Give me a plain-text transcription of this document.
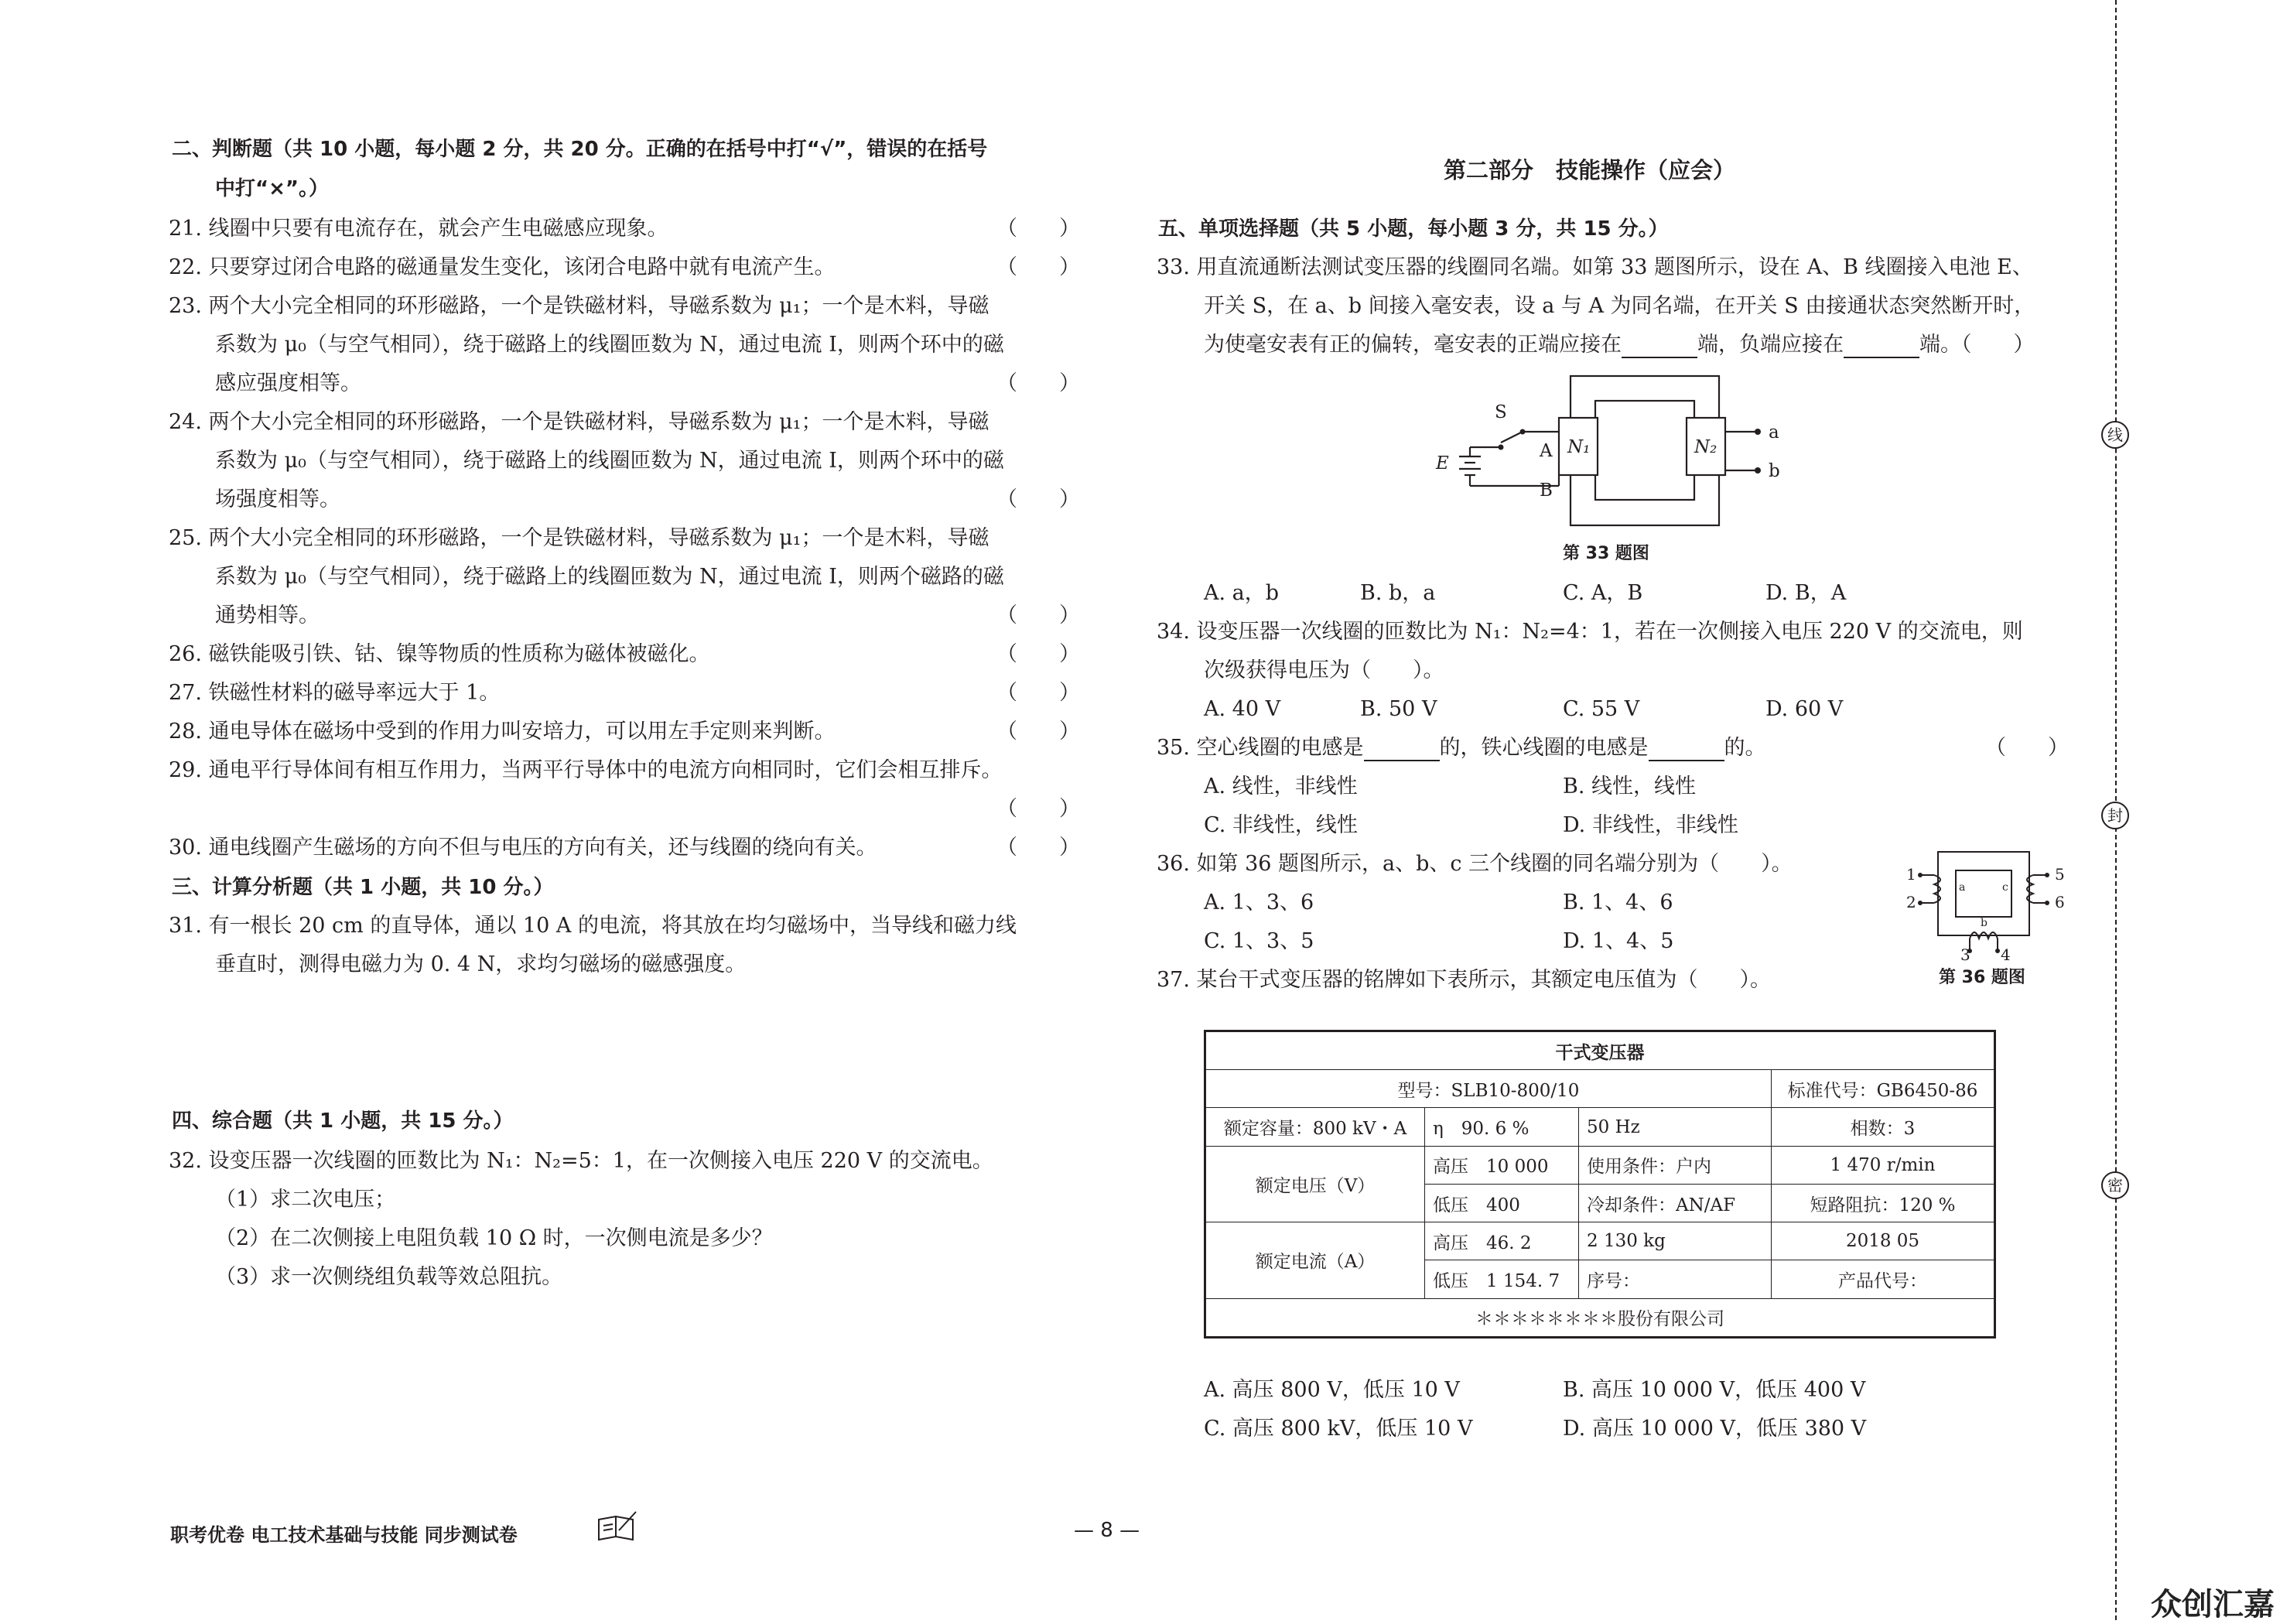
二、判断题（共 10 小题，每小题 2 分，共 20 分。正确的在括号中打“√”，错误的在括号
中打“×”。）
21. 线圈中只要有电流存在，就会产生电磁感应现象。	（　　）
22. 只要穿过闭合电路的磁通量发生变化，该闭合电路中就有电流产生。	（　　）
23. 两个大小完全相同的环形磁路，一个是铁磁材料，导磁系数为 μ₁；一个是木料，导磁
系数为 μ₀（与空气相同），绕于磁路上的线圈匝数为 N，通过电流 I，则两个环中的磁
感应强度相等。	（　　）
24. 两个大小完全相同的环形磁路，一个是铁磁材料，导磁系数为 μ₁；一个是木料，导磁
系数为 μ₀（与空气相同），绕于磁路上的线圈匝数为 N，通过电流 I，则两个环中的磁
场强度相等。	（　　）
25. 两个大小完全相同的环形磁路，一个是铁磁材料，导磁系数为 μ₁；一个是木料，导磁
系数为 μ₀（与空气相同），绕于磁路上的线圈匝数为 N，通过电流 I，则两个磁路的磁
通势相等。	（　　）
26. 磁铁能吸引铁、钴、镍等物质的性质称为磁体被磁化。	（　　）
27. 铁磁性材料的磁导率远大于 1。	（　　）
28. 通电导体在磁场中受到的作用力叫安培力，可以用左手定则来判断。	（　　）
29. 通电平行导体间有相互作用力，当两平行导体中的电流方向相同时，它们会相互排斥。
（　　）
30. 通电线圈产生磁场的方向不但与电压的方向有关，还与线圈的绕向有关。	（　　）
三、计算分析题（共 1 小题，共 10 分。）
31. 有一根长 20 cm 的直导体，通以 10 A 的电流，将其放在均匀磁场中，当导线和磁力线
垂直时，测得电磁力为 0. 4 N，求均匀磁场的磁感强度。
四、综合题（共 1 小题，共 15 分。）
32. 设变压器一次线圈的匝数比为 N₁：N₂=5：1，在一次侧接入电压 220 V 的交流电。
（1）求二次电压；
（2）在二次侧接上电阻负载 10 Ω 时，一次侧电流是多少？
（3）求一次侧绕组负载等效总阻抗。
第二部分　技能操作（应会）
五、单项选择题（共 5 小题，每小题 3 分，共 15 分。）
33. 用直流通断法测试变压器的线圈同名端。如第 33 题图所示，设在 A、B 线圈接入电池 E、
开关 S，在 a、b 间接入毫安表，设 a 与 A 为同名端，在开关 S 由接通状态突然断开时，
为使毫安表有正的偏转，毫安表的正端应接在	端，负端应接在	端。（　　）
S
E
A
B
N₁	N₂
a
b
第 33 题图
A. a，b	B. b，a	C. A，B	D. B，A
34. 设变压器一次线圈的匝数比为 N₁：N₂=4：1，若在一次侧接入电压 220 V 的交流电，则
次级获得电压为（　　）。
A. 40 V	B. 50 V	C. 55 V	D. 60 V
35. 空心线圈的电感是	的，铁心线圈的电感是	的。	（　　）
A. 线性，非线性	B. 线性，线性
C. 非线性，线性	D. 非线性，非线性
36. 如第 36 题图所示，a、b、c 三个线圈的同名端分别为（　　）。
A. 1、3、6	B. 1、4、6
C. 1、3、5	D. 1、4、5
1
2
5
6
3 4
a
b
c
第 36 题图
37. 某台干式变压器的铭牌如下表所示，其额定电压值为（　　）。
干式变压器			
型号：SLB10-800/10			标准代号：GB6450-86
额定容量：800 kV・A	η　90. 6 %	50 Hz	相数：3
额定电压（V）	高压　10 000	使用条件：户内	1 470 r/min
	低压　400	冷却条件：AN/AF	短路阻抗：120 %
额定电流（A）	高压　46. 2	2 130 kg	2018 05
	低压　1 154. 7	序号：	产品代号：
＊＊＊＊＊＊＊＊股份有限公司			
A. 高压 800 V，低压 10 V	B. 高压 10 000 V，低压 400 V
C. 高压 800 kV，低压 10 V	D. 高压 10 000 V，低压 380 V
职考优卷 电工技术基础与技能 同步测试卷	— 8 —
众创汇嘉
线
封
密
